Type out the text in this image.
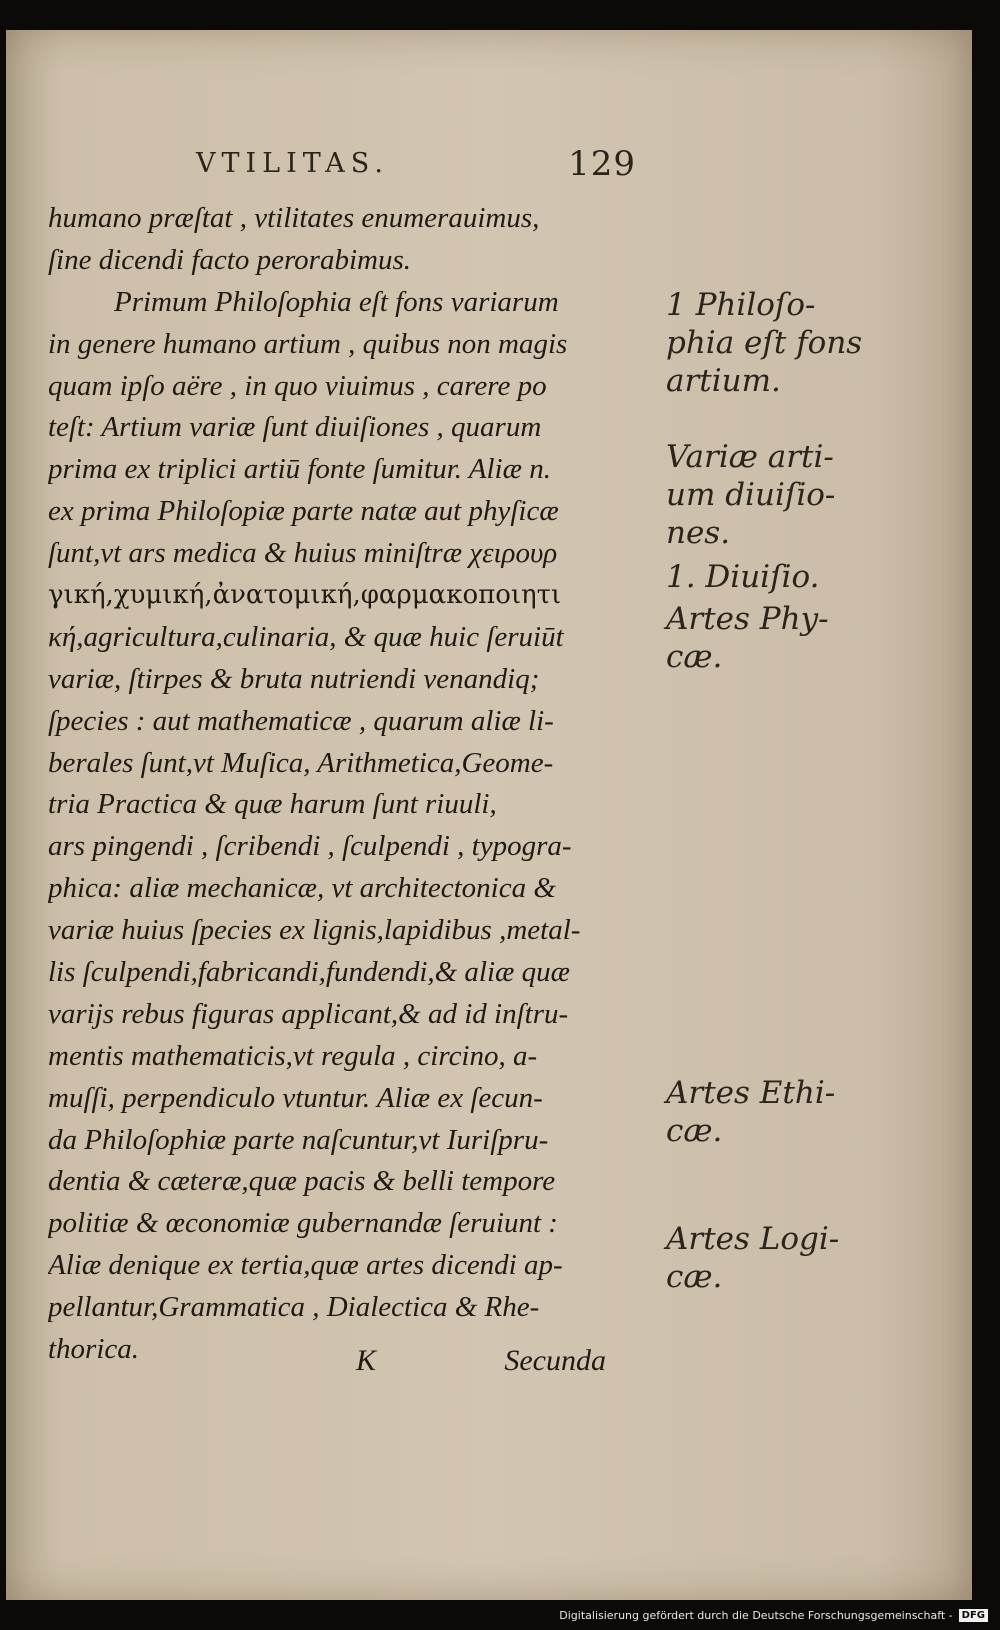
VTILITAS.	129
humano præſtat , vtilitates enumerauimus,
ſine dicendi facto perorabimus.
Primum Philoſophia eſt fons variarum
in genere humano artium , quibus non magis
quam ipſo aëre , in quo viuimus , carere po
teſt: Artium variæ ſunt diuiſiones , quarum
prima ex triplici artiū fonte ſumitur. Aliæ n.
ex prima Philoſopiæ parte natæ aut phyſicæ
ſunt,vt ars medica & huius miniſtræ χειρουρ
γική,χυμική,ἀνατομική,φαρμακοποιητι
κή,agricultura,culinaria, & quæ huic ſeruiūt
variæ, ſtirpes & bruta nutriendi venandiq;
ſpecies : aut mathematicæ , quarum aliæ li-
berales ſunt,vt Muſica, Arithmetica,Geome-
tria Practica & quæ harum ſunt riuuli,
ars pingendi , ſcribendi , ſculpendi , typogra-
phica: aliæ mechanicæ, vt architectonica &
variæ huius ſpecies ex lignis,lapidibus ,metal-
lis ſculpendi,fabricandi,fundendi,& aliæ quæ
varijs rebus figuras applicant,& ad id inſtru-
mentis mathematicis,vt regula , circino, a-
muſſi, perpendiculo vtuntur. Aliæ ex ſecun-
da Philoſophiæ parte naſcuntur,vt Iuriſpru-
dentia & cæteræ,quæ pacis & belli tempore
politiæ & œconomiæ gubernandæ ſeruiunt :
Aliæ denique ex tertia,quæ artes dicendi ap-
pellantur,Grammatica , Dialectica & Rhe-
thorica.
1 Philoſo-
phia eſt fons
artium.
Variæ arti-
um diuiſio-
nes.
1. Diuiſio.
Artes Phy-
cæ.
Artes Ethi-
cæ.
Artes Logi-
cæ.
K	Secunda
Digitalisierung gefördert durch die Deutsche Forschungsgemeinschaft - DFG
